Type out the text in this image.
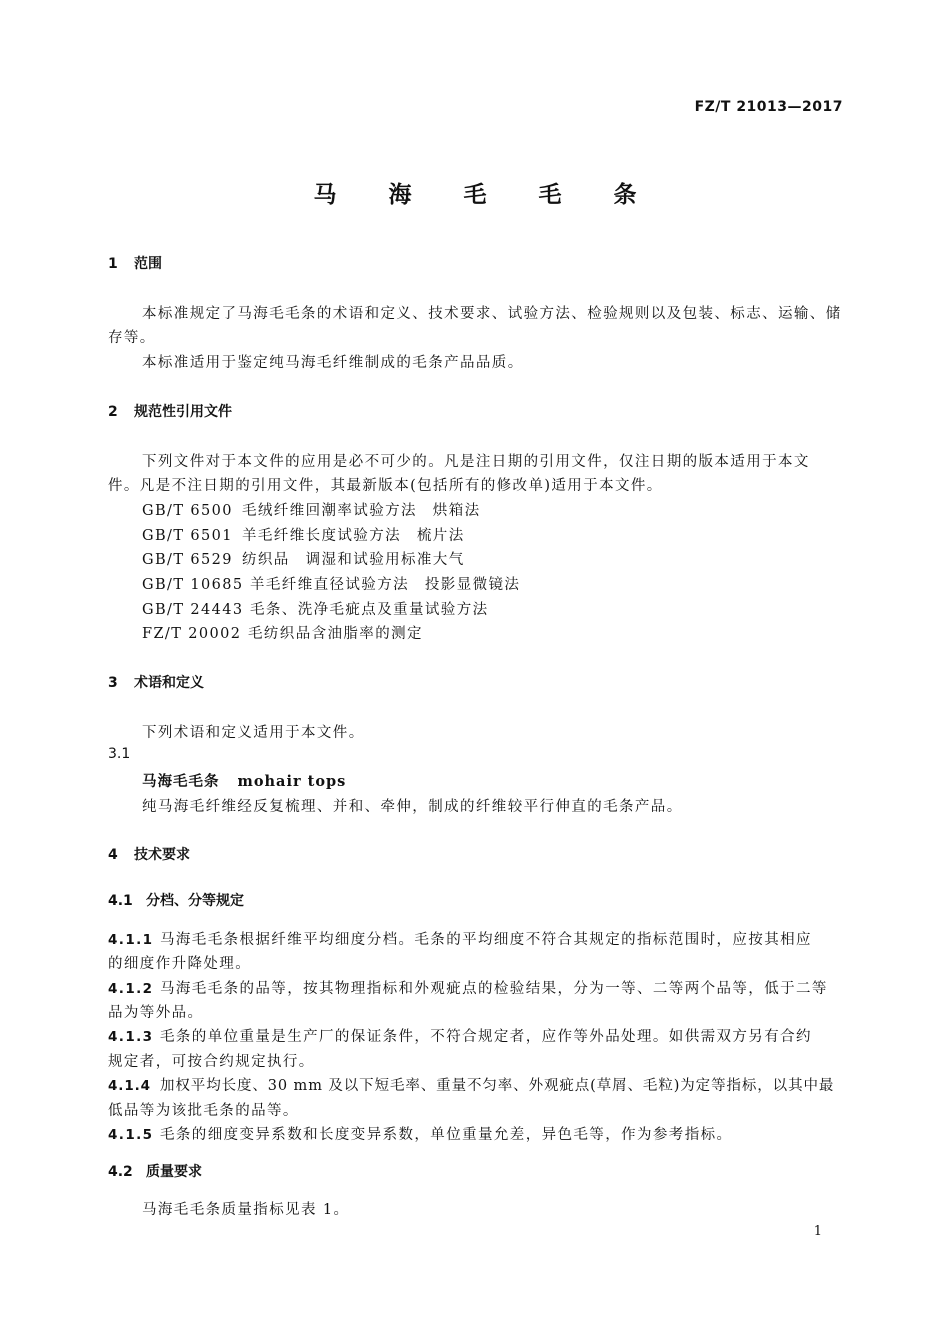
FZ/T 21013—2017
马 海 毛 毛 条
1 范围
本标准规定了马海毛毛条的术语和定义、技术要求、试验方法、检验规则以及包装、标志、运输、储
存等。
本标准适用于鉴定纯马海毛纤维制成的毛条产品品质。
2 规范性引用文件
下列文件对于本文件的应用是必不可少的。凡是注日期的引用文件，仅注日期的版本适用于本文
件。凡是不注日期的引用文件，其最新版本(包括所有的修改单)适用于本文件。
GB/T 6500 毛绒纤维回潮率试验方法　烘箱法
GB/T 6501 羊毛纤维长度试验方法　梳片法
GB/T 6529 纺织品　调湿和试验用标准大气
GB/T 10685 羊毛纤维直径试验方法　投影显微镜法
GB/T 24443 毛条、洗净毛疵点及重量试验方法
FZ/T 20002 毛纺织品含油脂率的测定
3 术语和定义
下列术语和定义适用于本文件。
3.1
马海毛毛条 mohair tops
纯马海毛纤维经反复梳理、并和、牵伸，制成的纤维较平行伸直的毛条产品。
4 技术要求
4.1 分档、分等规定
4.1.1 马海毛毛条根据纤维平均细度分档。毛条的平均细度不符合其规定的指标范围时，应按其相应
的细度作升降处理。
4.1.2 马海毛毛条的品等，按其物理指标和外观疵点的检验结果，分为一等、二等两个品等，低于二等
品为等外品。
4.1.3 毛条的单位重量是生产厂的保证条件，不符合规定者，应作等外品处理。如供需双方另有合约
规定者，可按合约规定执行。
4.1.4 加权平均长度、30 mm 及以下短毛率、重量不匀率、外观疵点(草屑、毛粒)为定等指标，以其中最
低品等为该批毛条的品等。
4.1.5 毛条的细度变异系数和长度变异系数，单位重量允差，异色毛等，作为参考指标。
4.2 质量要求
马海毛毛条质量指标见表 1。
1
